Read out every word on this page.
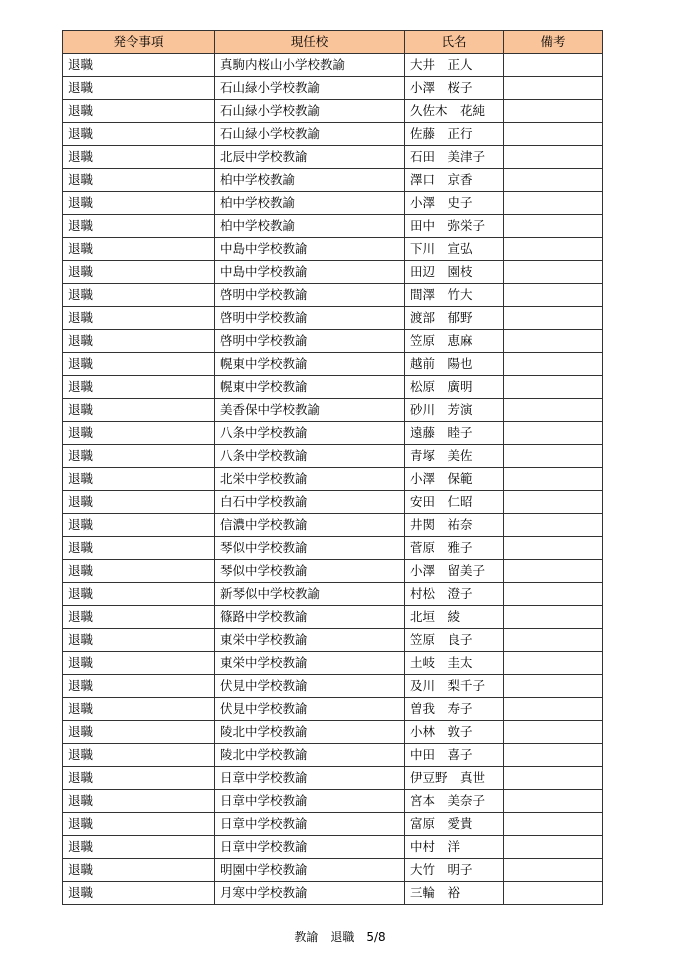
発令事項	現任校	氏名	備考
退職	真駒内桜山小学校教諭	大井　正人	
退職	石山緑小学校教諭	小澤　桜子	
退職	石山緑小学校教諭	久佐木　花純	
退職	石山緑小学校教諭	佐藤　正行	
退職	北辰中学校教諭	石田　美津子	
退職	柏中学校教諭	澤口　京香	
退職	柏中学校教諭	小澤　史子	
退職	柏中学校教諭	田中　弥栄子	
退職	中島中学校教諭	下川　宣弘	
退職	中島中学校教諭	田辺　園枝	
退職	啓明中学校教諭	間澤　竹大	
退職	啓明中学校教諭	渡部　郁野	
退職	啓明中学校教諭	笠原　恵麻	
退職	幌東中学校教諭	越前　陽也	
退職	幌東中学校教諭	松原　廣明	
退職	美香保中学校教諭	砂川　芳演	
退職	八条中学校教諭	遠藤　睦子	
退職	八条中学校教諭	青塚　美佐	
退職	北栄中学校教諭	小澤　保範	
退職	白石中学校教諭	安田　仁昭	
退職	信濃中学校教諭	井関　祐奈	
退職	琴似中学校教諭	菅原　雅子	
退職	琴似中学校教諭	小澤　留美子	
退職	新琴似中学校教諭	村松　澄子	
退職	篠路中学校教諭	北垣　綾	
退職	東栄中学校教諭	笠原　良子	
退職	東栄中学校教諭	土岐　圭太	
退職	伏見中学校教諭	及川　梨千子	
退職	伏見中学校教諭	曽我　寿子	
退職	陵北中学校教諭	小林　敦子	
退職	陵北中学校教諭	中田　喜子	
退職	日章中学校教諭	伊豆野　真世	
退職	日章中学校教諭	宮本　美奈子	
退職	日章中学校教諭	富原　愛貴	
退職	日章中学校教諭	中村　洋	
退職	明園中学校教諭	大竹　明子	
退職	月寒中学校教諭	三輪　裕	
教諭　退職　5/8
